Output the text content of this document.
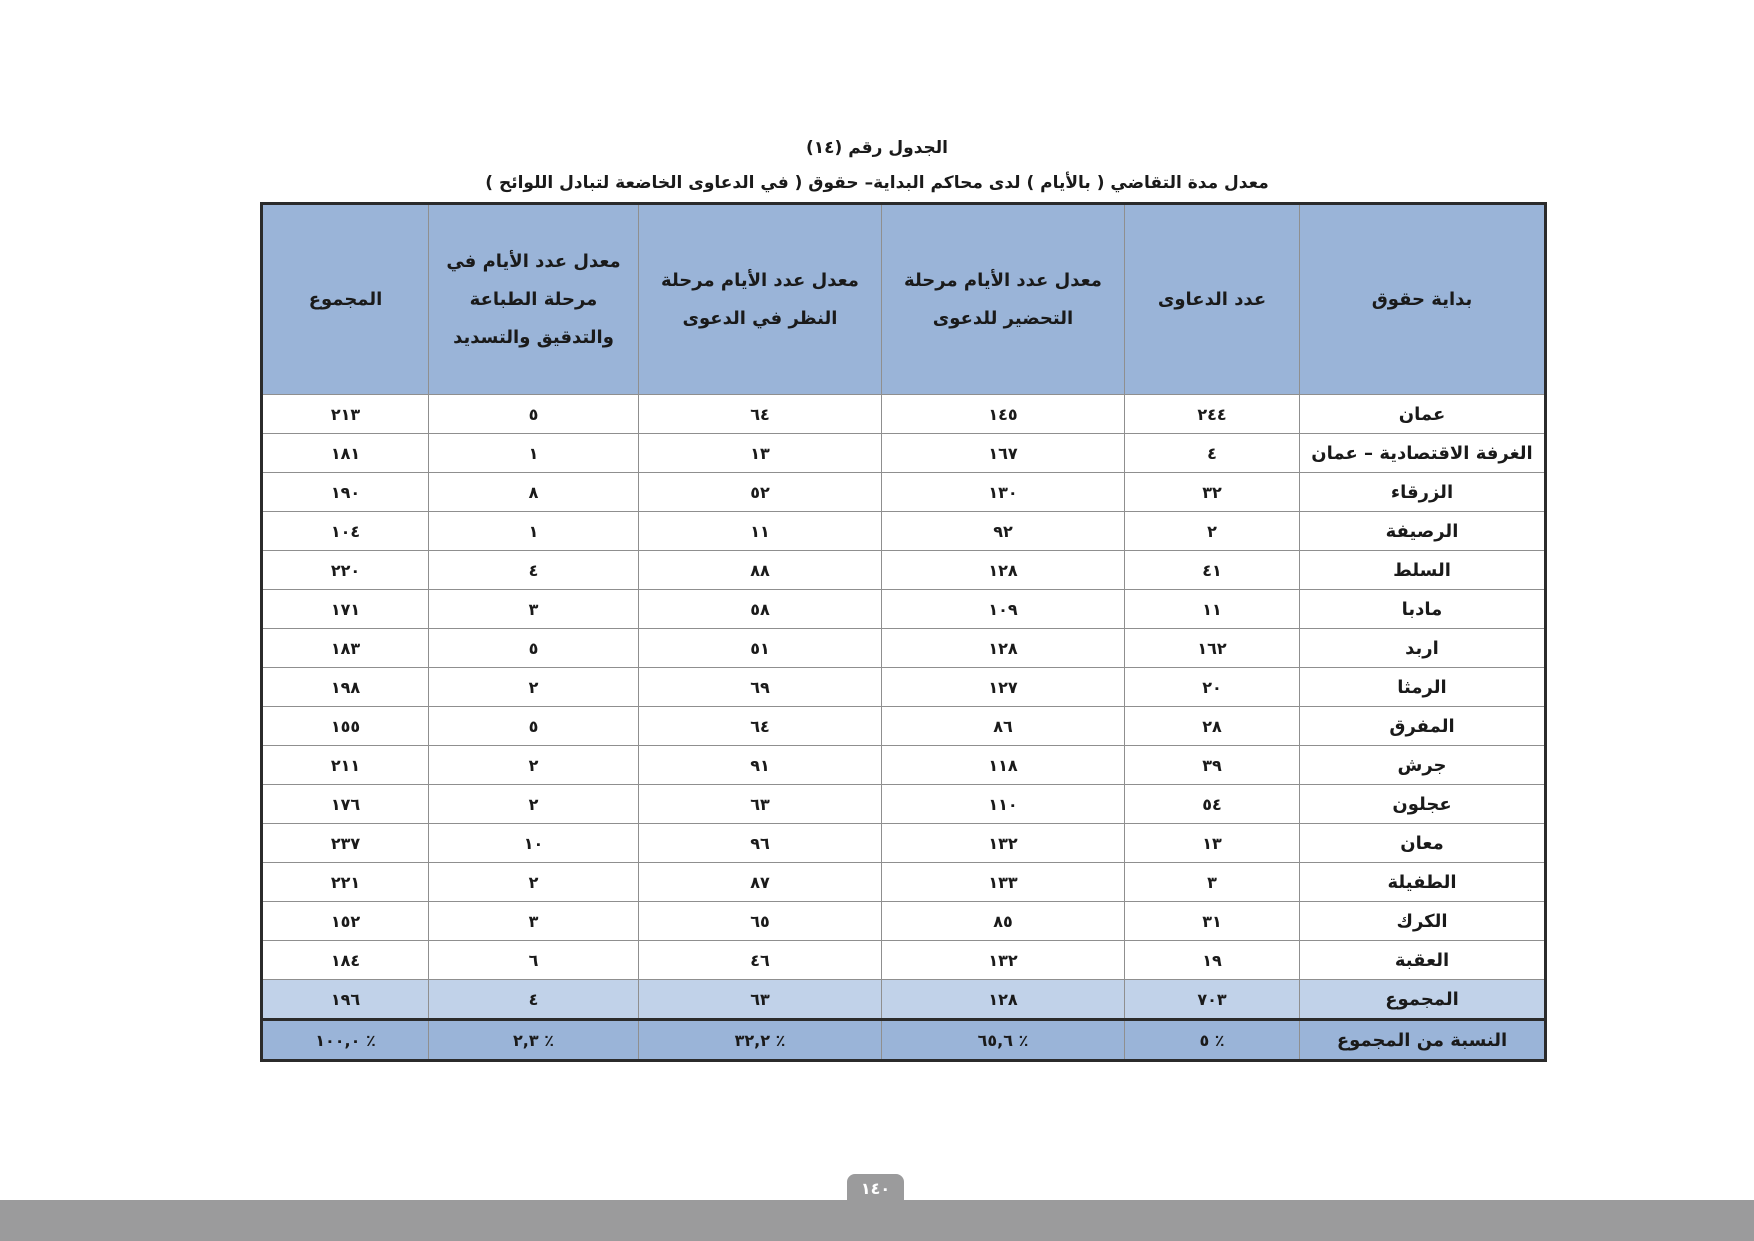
الجدول رقم (١٤)
معدل مدة التقاضي ( بالأيام ) لدى محاكم البداية– حقوق ( في الدعاوى الخاضعة لتبادل اللوائح )
بداية حقوق	عدد الدعاوى	معدل عدد الأيام مرحلة التحضير للدعوى	معدل عدد الأيام مرحلة النظر في الدعوى	معدل عدد الأيام في مرحلة الطباعة والتدقيق والتسديد	المجموع
عمان	٢٤٤	١٤٥	٦٤	٥	٢١٣
الغرفة الاقتصادية – عمان	٤	١٦٧	١٣	١	١٨١
الزرقاء	٣٢	١٣٠	٥٢	٨	١٩٠
الرصيفة	٢	٩٢	١١	١	١٠٤
السلط	٤١	١٢٨	٨٨	٤	٢٢٠
مادبا	١١	١٠٩	٥٨	٣	١٧١
اربد	١٦٢	١٢٨	٥١	٥	١٨٣
الرمثا	٢٠	١٢٧	٦٩	٢	١٩٨
المفرق	٢٨	٨٦	٦٤	٥	١٥٥
جرش	٣٩	١١٨	٩١	٢	٢١١
عجلون	٥٤	١١٠	٦٣	٢	١٧٦
معان	١٣	١٣٢	٩٦	١٠	٢٣٧
الطفيلة	٣	١٣٣	٨٧	٢	٢٢١
الكرك	٣١	٨٥	٦٥	٣	١٥٢
العقبة	١٩	١٣٢	٤٦	٦	١٨٤
المجموع	٧٠٣	١٢٨	٦٣	٤	١٩٦
النسبة من المجموع	٪ ٥	٪ ٦٥,٦	٪ ٣٢,٢	٪ ٢,٣	٪ ١٠٠,٠
١٤٠
